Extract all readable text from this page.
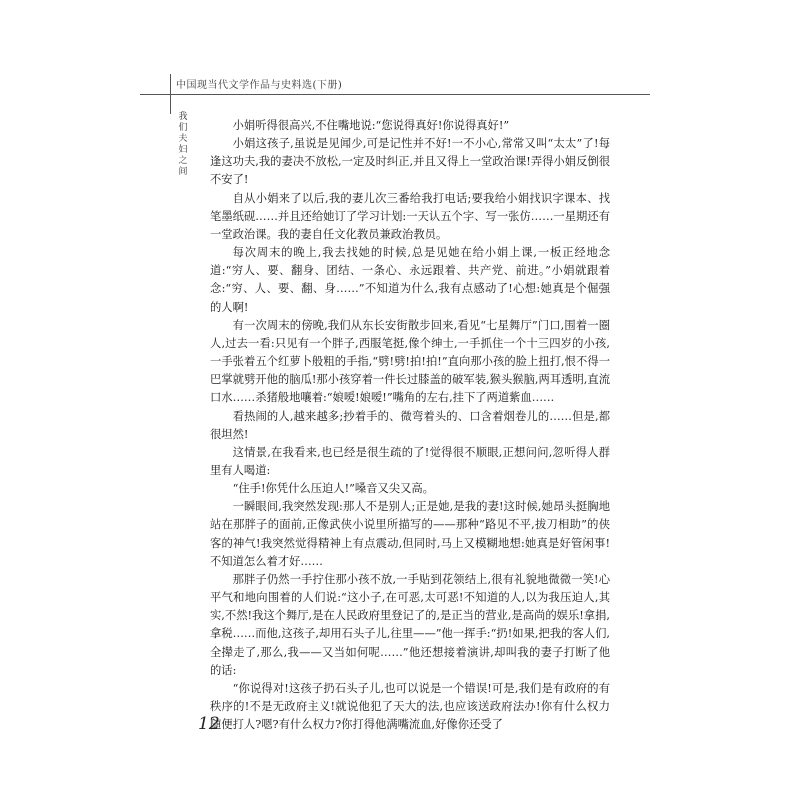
中国现当代文学作品与史料选(下册)
我们夫妇之间

小娟听得很高兴,不住嘴地说:“您说得真好!你说得真好!”

小娟这孩子,虽说是见闻少,可是记性并不好!一不小心,常常又叫“太太”了!每逢这功夫,我的妻决不放松,一定及时纠正,并且又得上一堂政治课!弄得小娟反倒很不安了!

自从小娟来了以后,我的妻儿次三番给我打电话;要我给小娟找识字课本、找笔墨纸砚……并且还给她订了学习计划:一天认五个字、写一张仿……一星期还有一堂政治课。我的妻自任文化教员兼政治教员。

每次周末的晚上,我去找她的时候,总是见她在给小娟上课,一板正经地念道:“穷人、要、翻身、团结、一条心、永远跟着、共产党、前进。”小娟就跟着念:“穷、人、要、翻、身……”不知道为什么,我有点感动了!心想:她真是个倔强的人啊!

有一次周末的傍晚,我们从东长安街散步回来,看见“七星舞厅”门口,围着一圈人,过去一看:只见有一个胖子,西服笔挺,像个绅士,一手抓住一个十三四岁的小孩,一手张着五个红萝卜般粗的手指,“劈!劈!拍!拍!”直向那小孩的脸上扭打,恨不得一巴掌就劈开他的脑瓜!那小孩穿着一件长过膝盖的破军装,猴头猴脑,两耳透明,直流口水……杀猪般地嚷着:“娘嗳!娘嗳!”嘴角的左右,挂下了两道紫血……

看热闹的人,越来越多;抄着手的、微弯着头的、口含着烟卷儿的……但是,都很坦然!

这情景,在我看来,也已经是很生疏的了!觉得很不顺眼,正想问问,忽听得人群里有人喝道:

“住手!你凭什么压迫人!”嗓音又尖又高。

一瞬眼间,我突然发现:那人不是别人;正是她,是我的妻!这时候,她昂头挺胸地站在那胖子的面前,正像武侠小说里所描写的——那种“路见不平,拔刀相助”的侠客的神气!我突然觉得精神上有点震动,但同时,马上又模糊地想:她真是好管闲事!不知道怎么着才好……

那胖子仍然一手拧住那小孩不放,一手贴到花领结上,很有礼貌地微微一笑!心平气和地向围着的人们说:“这小子,在可恶,太可恶!不知道的人,以为我压迫人,其实,不然!我这个舞厅,是在人民政府里登记了的,是正当的营业,是高尚的娱乐!拿捐,拿税……而他,这孩子,却用石头子儿,往里——”他一挥手:“扔!如果,把我的客人们,全撵走了,那么,我——又当如何呢……”他还想接着演讲,却叫我的妻子打断了他的话:

“你说得对!这孩子扔石头子儿,也可以说是一个错误!可是,我们是有政府的有秩序的!不是无政府主义!就说他犯了天大的法,也应该送政府法办!你有什么权力随便打人?嗯?有什么权力?你打得他满嘴流血,好像你还受了

12
